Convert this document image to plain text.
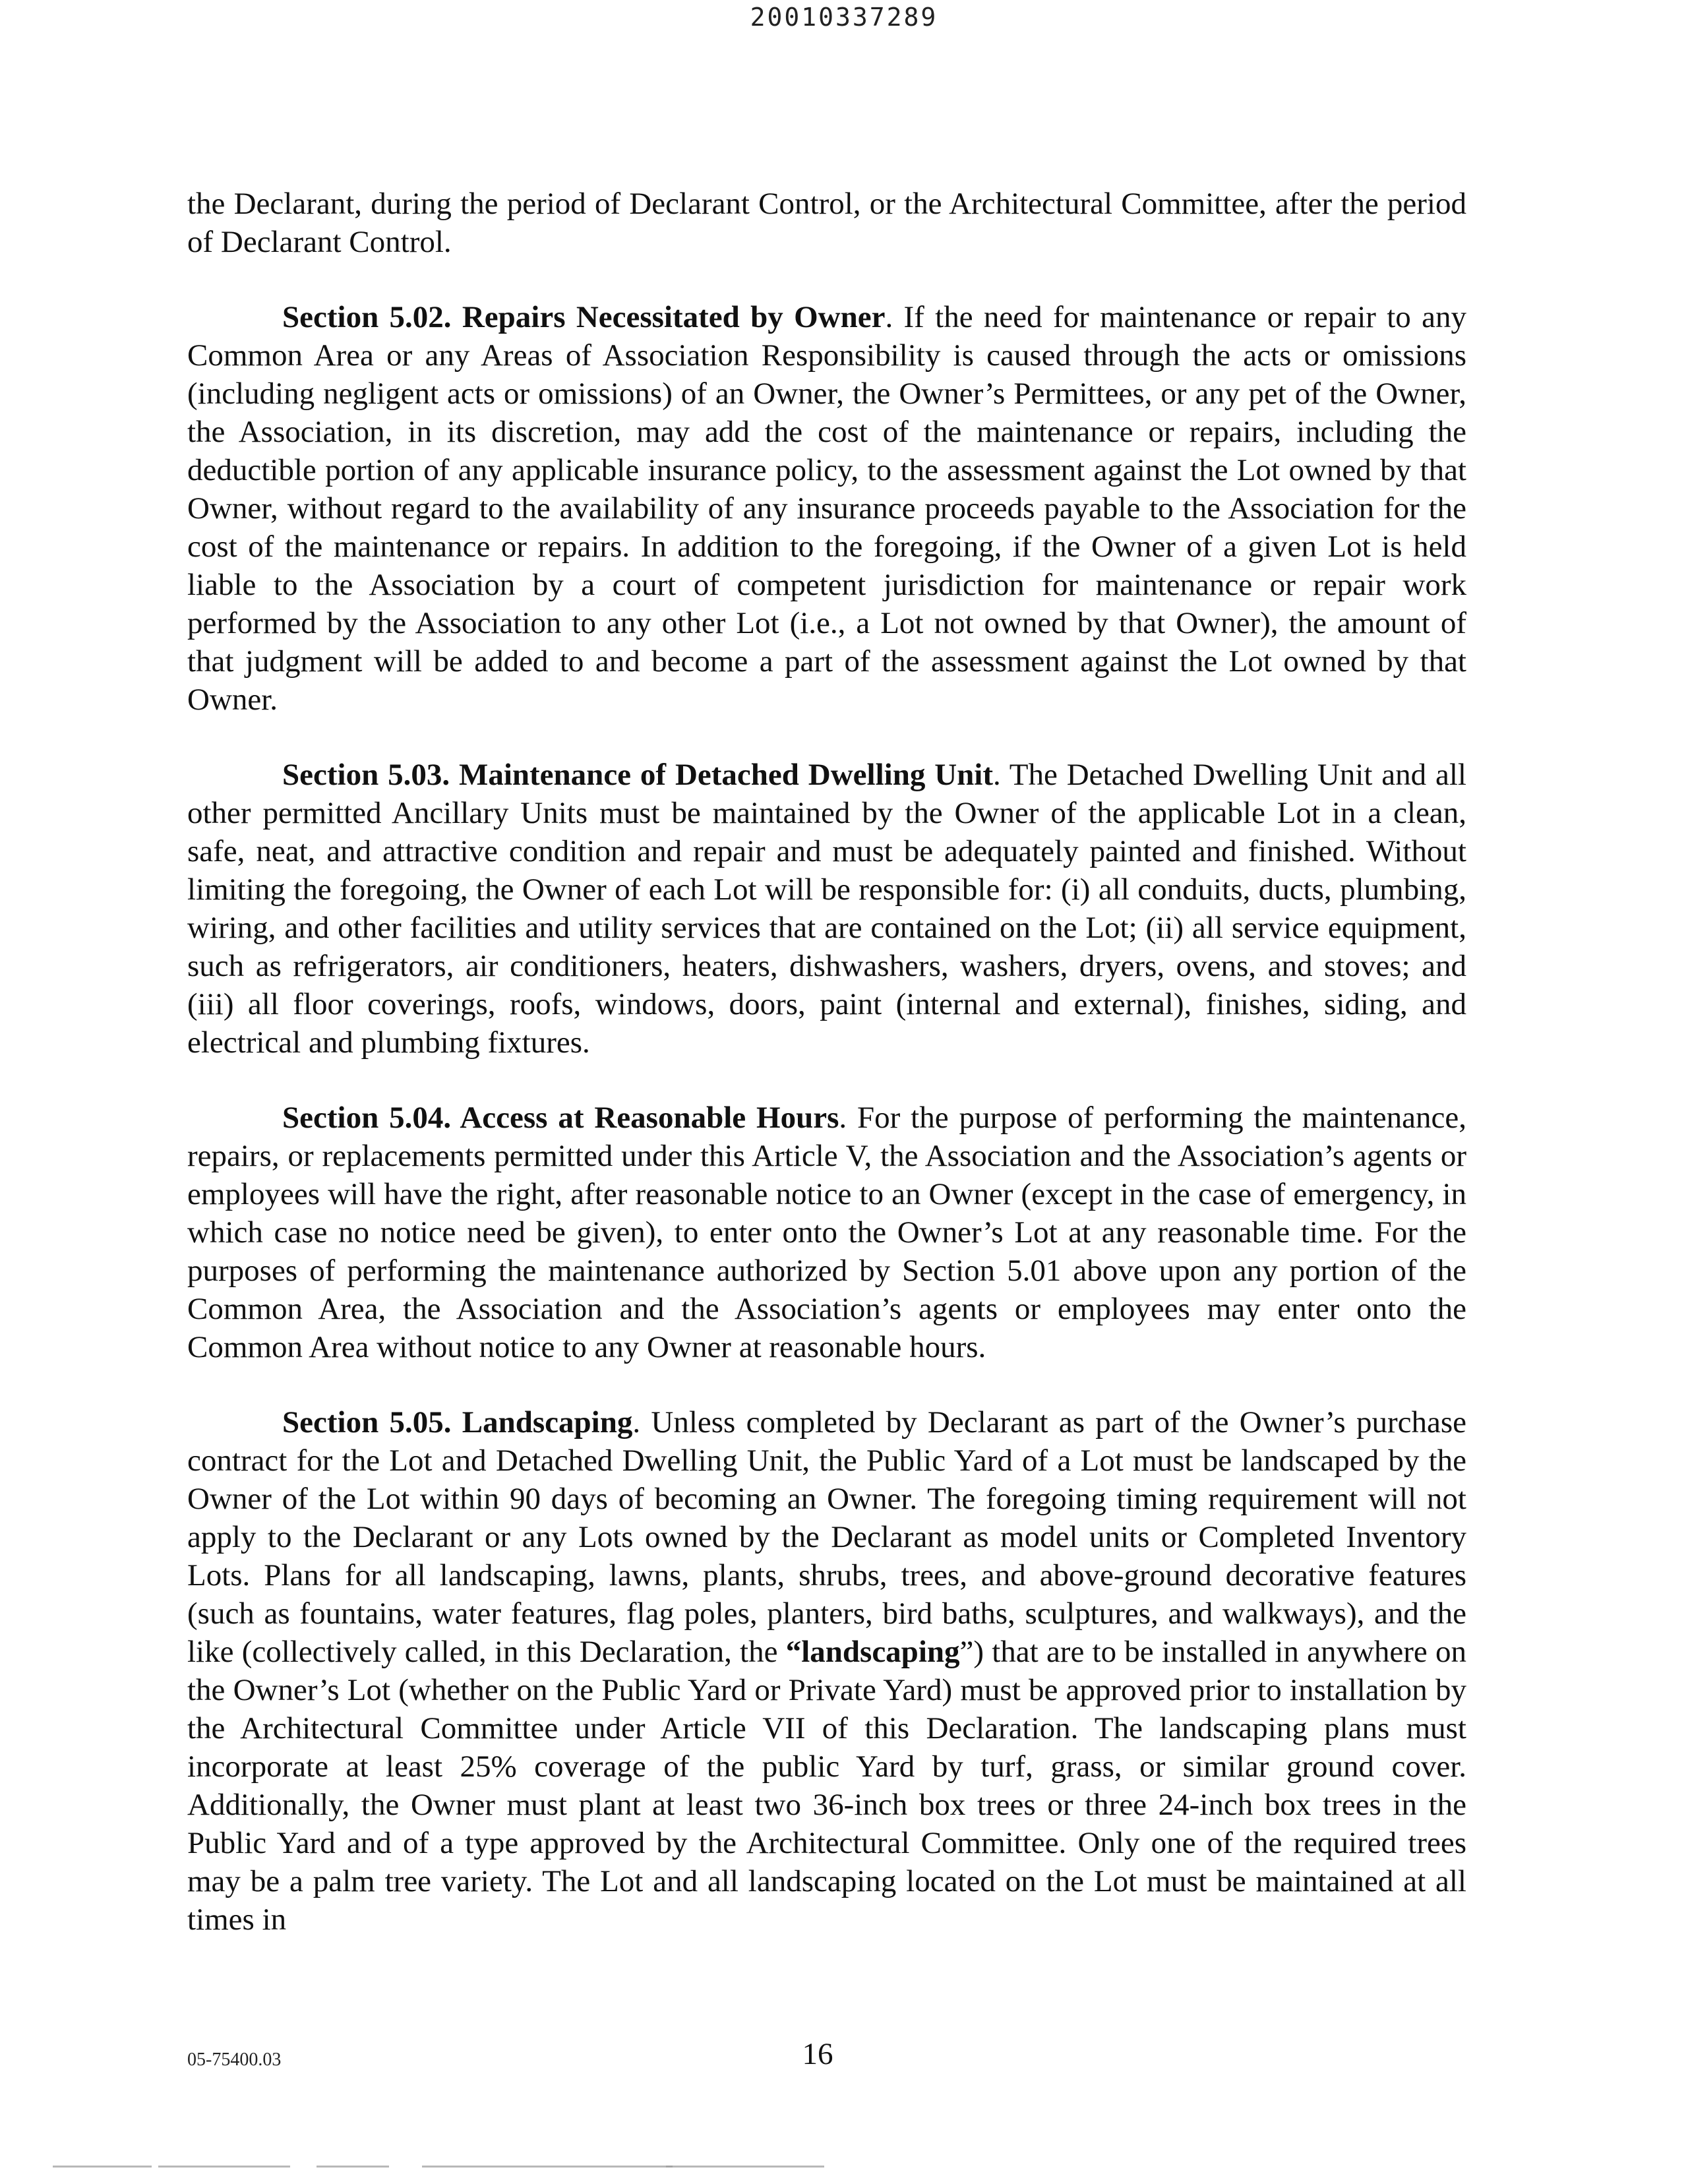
20010337289

the Declarant, during the period of Declarant Control, or the Architectural Committee, after the period of Declarant Control.

Section 5.02. Repairs Necessitated by Owner. If the need for maintenance or repair to any Common Area or any Areas of Association Responsibility is caused through the acts or omissions (including negligent acts or omissions) of an Owner, the Owner’s Permittees, or any pet of the Owner, the Association, in its discretion, may add the cost of the maintenance or repairs, including the deductible portion of any applicable insurance policy, to the assessment against the Lot owned by that Owner, without regard to the availability of any insurance proceeds payable to the Association for the cost of the maintenance or repairs. In addition to the foregoing, if the Owner of a given Lot is held liable to the Association by a court of competent jurisdiction for maintenance or repair work performed by the Association to any other Lot (i.e., a Lot not owned by that Owner), the amount of that judgment will be added to and become a part of the assessment against the Lot owned by that Owner.

Section 5.03. Maintenance of Detached Dwelling Unit. The Detached Dwelling Unit and all other permitted Ancillary Units must be maintained by the Owner of the applicable Lot in a clean, safe, neat, and attractive condition and repair and must be adequately painted and finished. Without limiting the foregoing, the Owner of each Lot will be responsible for: (i) all conduits, ducts, plumbing, wiring, and other facilities and utility services that are contained on the Lot; (ii) all service equipment, such as refrigerators, air conditioners, heaters, dishwashers, washers, dryers, ovens, and stoves; and (iii) all floor coverings, roofs, windows, doors, paint (internal and external), finishes, siding, and electrical and plumbing fixtures.

Section 5.04. Access at Reasonable Hours. For the purpose of performing the maintenance, repairs, or replacements permitted under this Article V, the Association and the Association’s agents or employees will have the right, after reasonable notice to an Owner (except in the case of emergency, in which case no notice need be given), to enter onto the Owner’s Lot at any reasonable time. For the purposes of performing the maintenance authorized by Section 5.01 above upon any portion of the Common Area, the Association and the Association’s agents or employees may enter onto the Common Area without notice to any Owner at reasonable hours.

Section 5.05. Landscaping. Unless completed by Declarant as part of the Owner’s purchase contract for the Lot and Detached Dwelling Unit, the Public Yard of a Lot must be landscaped by the Owner of the Lot within 90 days of becoming an Owner. The foregoing timing requirement will not apply to the Declarant or any Lots owned by the Declarant as model units or Completed Inventory Lots. Plans for all landscaping, lawns, plants, shrubs, trees, and above-ground decorative features (such as fountains, water features, flag poles, planters, bird baths, sculptures, and walkways), and the like (collectively called, in this Declaration, the “landscaping”) that are to be installed in anywhere on the Owner’s Lot (whether on the Public Yard or Private Yard) must be approved prior to installation by the Architectural Committee under Article VII of this Declaration. The landscaping plans must incorporate at least 25% coverage of the public Yard by turf, grass, or similar ground cover. Additionally, the Owner must plant at least two 36-inch box trees or three 24-inch box trees in the Public Yard and of a type approved by the Architectural Committee. Only one of the required trees may be a palm tree variety. The Lot and all landscaping located on the Lot must be maintained at all times in

05-75400.03	16
